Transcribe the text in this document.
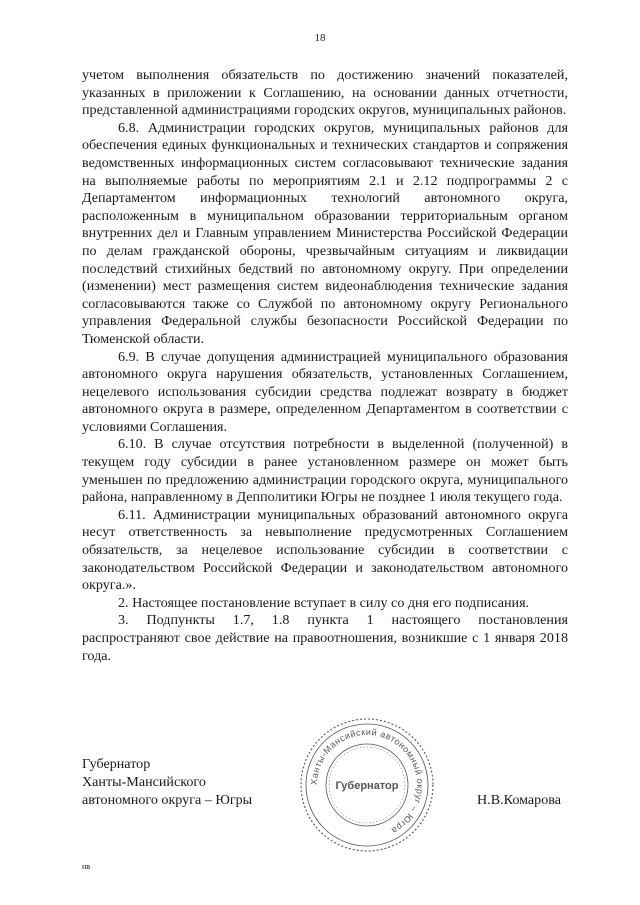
18

учетом выполнения обязательств по достижению значений показателей, указанных в приложении к Соглашению, на основании данных отчетности, представленной администрациями городских округов, муниципальных районов.

6.8. Администрации городских округов, муниципальных районов для обеспечения единых функциональных и технических стандартов и сопряжения ведомственных информационных систем согласовывают технические задания на выполняемые работы по мероприятиям 2.1 и 2.12 подпрограммы 2 с Департаментом информационных технологий автономного округа, расположенным в муниципальном образовании территориальным органом внутренних дел и Главным управлением Министерства Российской Федерации по делам гражданской обороны, чрезвычайным ситуациям и ликвидации последствий стихийных бедствий по автономному округу. При определении (изменении) мест размещения систем видеонаблюдения технические задания согласовываются также со Службой по автономному округу Регионального управления Федеральной службы безопасности Российской Федерации по Тюменской области.

6.9. В случае допущения администрацией муниципального образования автономного округа нарушения обязательств, установленных Соглашением, нецелевого использования субсидии средства подлежат возврату в бюджет автономного округа в размере, определенном Департаментом в соответствии с условиями Соглашения.

6.10. В случае отсутствия потребности в выделенной (полученной) в текущем году субсидии в ранее установленном размере он может быть уменьшен по предложению администрации городского округа, муниципального района, направленному в Депполитики Югры не позднее 1 июля текущего года.

6.11. Администрации муниципальных образований автономного округа несут ответственность за невыполнение предусмотренных Соглашением обязательств, за нецелевое использование субсидии в соответствии с законодательством Российской Федерации и законодательством автономного округа.».

2. Настоящее постановление вступает в силу со дня его подписания.

3. Подпункты 1.7, 1.8 пункта 1 настоящего постановления распространяют свое действие на правоотношения, возникшие с 1 января 2018 года.

Губернатор
Ханты-Мансийского
автономного округа – Югры
Ханты-Мансийский автономный округ – Югра
Губернатор
Н.В.Комарова
нв
